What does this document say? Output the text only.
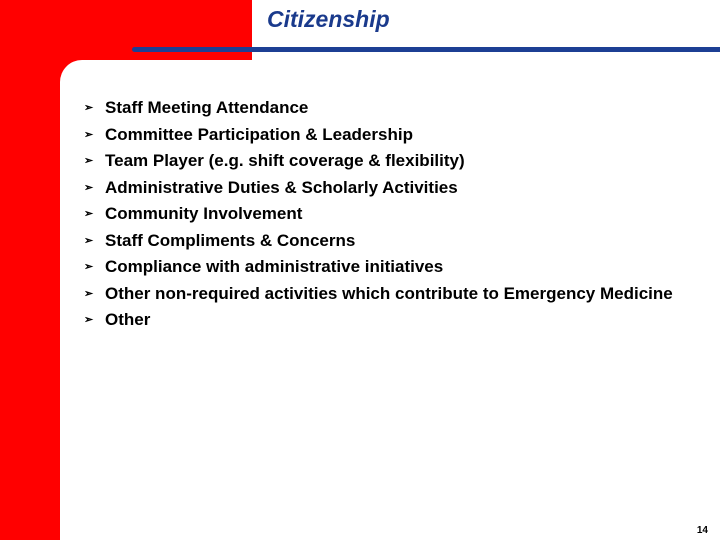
Citizenship
➢ Staff Meeting Attendance
➢ Committee Participation & Leadership
➢ Team Player (e.g. shift coverage & flexibility)
➢ Administrative Duties & Scholarly Activities
➢ Community Involvement
➢ Staff Compliments & Concerns
➢ Compliance with administrative initiatives
➢ Other non-required activities which contribute to Emergency Medicine
➢ Other
14
